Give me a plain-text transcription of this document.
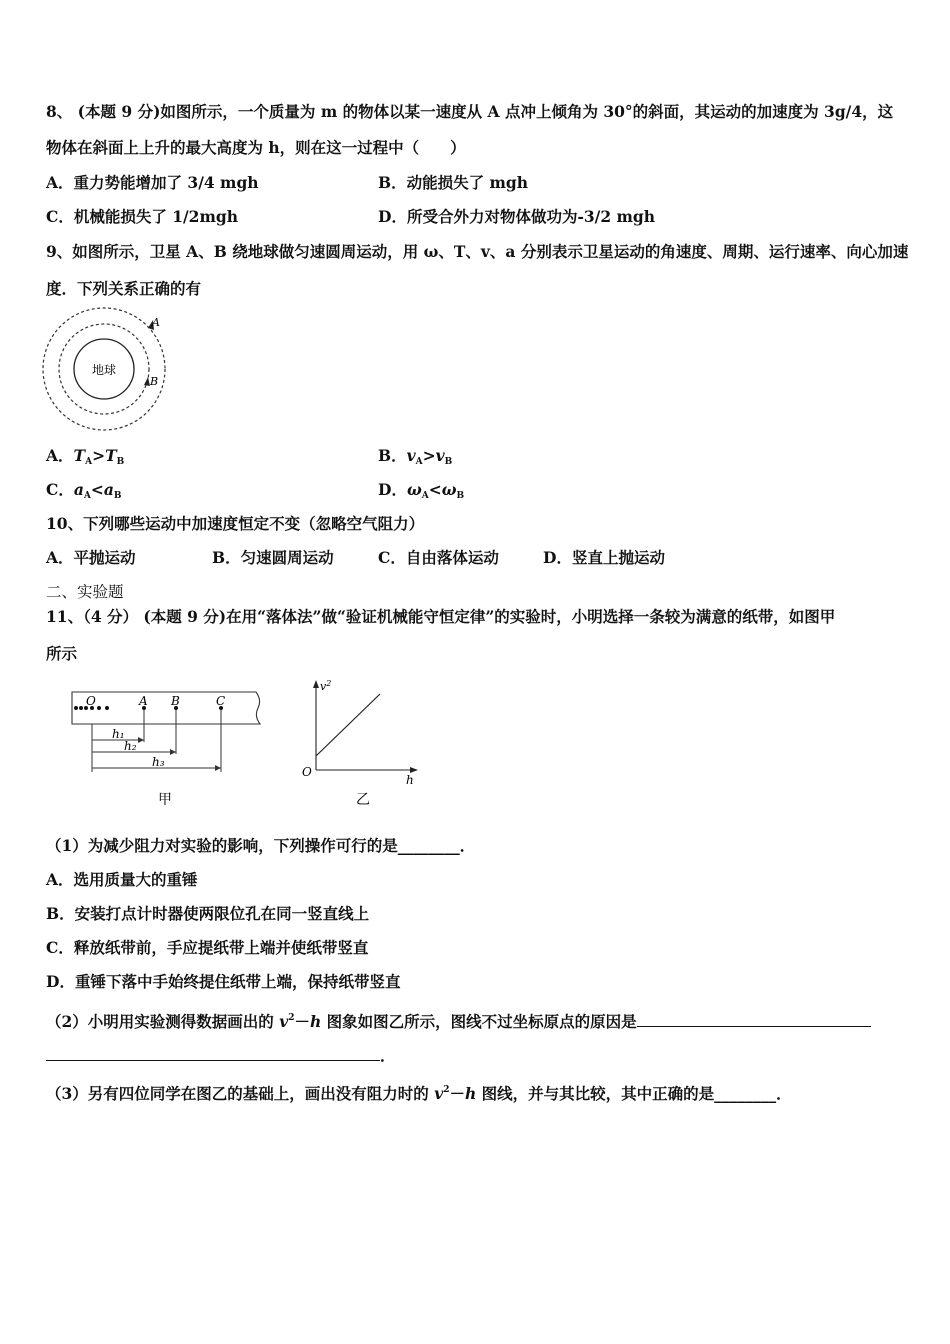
8、 (本题 9 分)如图所示，一个质量为 m 的物体以某一速度从 A 点冲上倾角为 30°的斜面，其运动的加速度为 3g/4，这
物体在斜面上上升的最大高度为 h，则在这一过程中（　　）
A．重力势能增加了 3/4 mgh	B．动能损失了 mgh
C．机械能损失了 1/2mgh	D．所受合外力对物体做功为-3/2 mgh
9、如图所示，卫星 A、B 绕地球做匀速圆周运动，用 ω、T、v、a 分别表示卫星运动的角速度、周期、运行速率、向心加速
度．下列关系正确的有
地球
A
B
A．$T_A>T_B$	B．$v_A>v_B$
C．$a_A<a_B$	D．$\omega_A<\omega_B$
10、下列哪些运动中加速度恒定不变（忽略空气阻力）
A．平抛运动	B．匀速圆周运动	C．自由落体运动	D．竖直上抛运动
二、实验题
11、（4 分） (本题 9 分)在用“落体法”做“验证机械能守恒定律”的实验时，小明选择一条较为满意的纸带，如图甲
所示
O	A B	C
h₁
h₂
h₃
甲
$v^2$
h
O
乙
（1）为减少阻力对实验的影响，下列操作可行的是________．
A．选用质量大的重锤
B．安装打点计时器使两限位孔在同一竖直线上
C．释放纸带前，手应提纸带上端并使纸带竖直
D．重锤下落中手始终提住纸带上端，保持纸带竖直
（2）小明用实验测得数据画出的 $v^2-h$ 图象如图乙所示，图线不过坐标原点的原因是
．
（3）另有四位同学在图乙的基础上，画出没有阻力时的 $v^2-h$ 图线，并与其比较，其中正确的是________．
